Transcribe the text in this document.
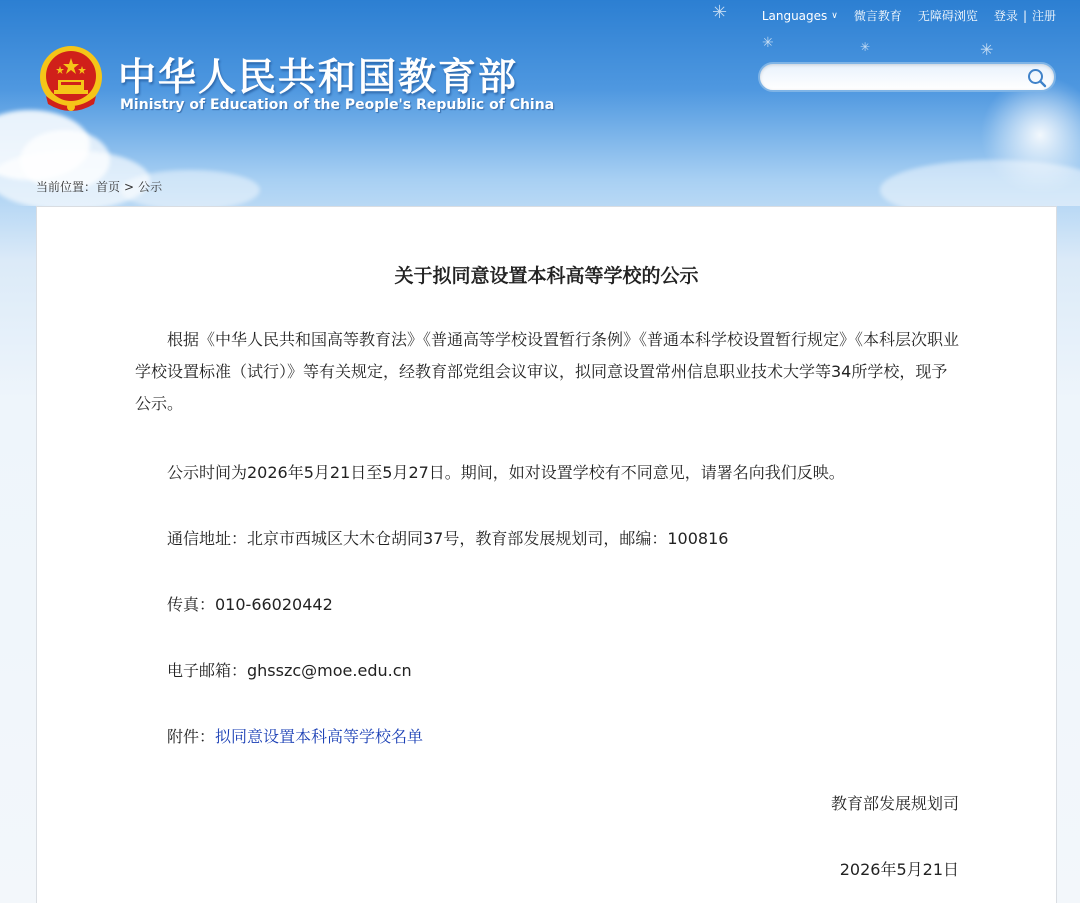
✳
✳	✳	✳
Languages ∨ 微言教育 无障碍浏览 登录 | 注册
中华人民共和国教育部
Ministry of Education of the People's Republic of China
当前位置：首页 > 公示
关于拟同意设置本科高等学校的公示
根据《中华人民共和国高等教育法》《普通高等学校设置暂行条例》《普通本科学校设置暂行规定》《本科层次职业学校设置标准（试行）》等有关规定，经教育部党组会议审议，拟同意设置常州信息职业技术大学等34所学校，现予公示。
公示时间为2026年5月21日至5月27日。期间，如对设置学校有不同意见，请署名向我们反映。
通信地址：北京市西城区大木仓胡同37号，教育部发展规划司，邮编：100816
传真：010-66020442
电子邮箱：ghsszc@moe.edu.cn
附件：拟同意设置本科高等学校名单
教育部发展规划司
2026年5月21日
